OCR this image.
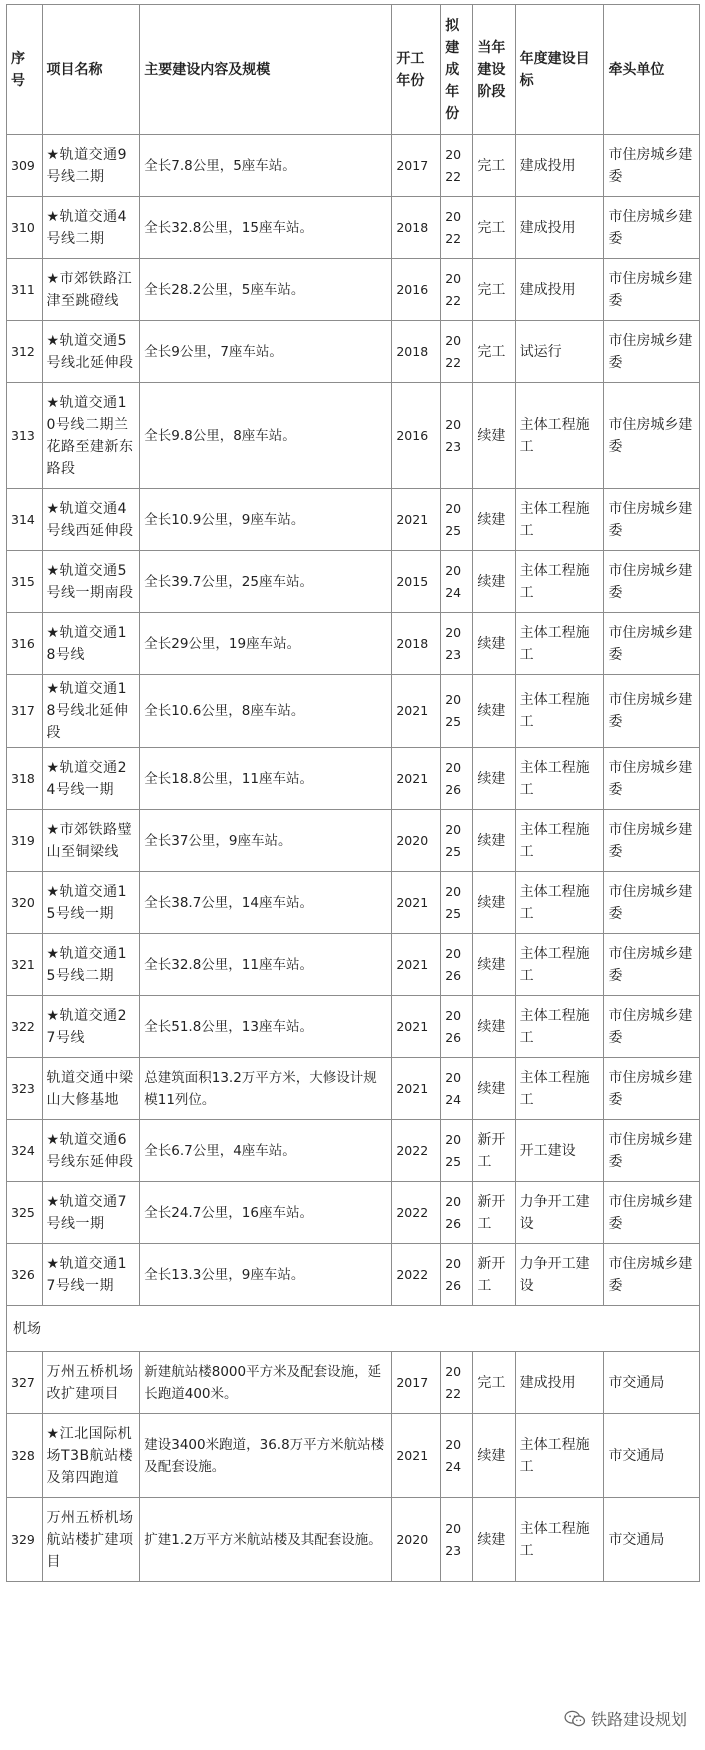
序号	项目名称	主要建设内容及规模	开工年份	拟建成年份	当年建设阶段	年度建设目标	牵头单位
309	★轨道交通9号线二期	全长7.8公里，5座车站。	2017	2022	完工	建成投用	市住房城乡建委
310	★轨道交通4号线二期	全长32.8公里，15座车站。	2018	2022	完工	建成投用	市住房城乡建委
311	★市郊铁路江津至跳磴线	全长28.2公里，5座车站。	2016	2022	完工	建成投用	市住房城乡建委
312	★轨道交通5号线北延伸段	全长9公里，7座车站。	2018	2022	完工	试运行	市住房城乡建委
313	★轨道交通10号线二期兰花路至建新东路段	全长9.8公里，8座车站。	2016	2023	续建	主体工程施工	市住房城乡建委
314	★轨道交通4号线西延伸段	全长10.9公里，9座车站。	2021	2025	续建	主体工程施工	市住房城乡建委
315	★轨道交通5号线一期南段	全长39.7公里，25座车站。	2015	2024	续建	主体工程施工	市住房城乡建委
316	★轨道交通18号线	全长29公里，19座车站。	2018	2023	续建	主体工程施工	市住房城乡建委
317	★轨道交通18号线北延伸段	全长10.6公里，8座车站。	2021	2025	续建	主体工程施工	市住房城乡建委
318	★轨道交通24号线一期	全长18.8公里，11座车站。	2021	2026	续建	主体工程施工	市住房城乡建委
319	★市郊铁路璧山至铜梁线	全长37公里，9座车站。	2020	2025	续建	主体工程施工	市住房城乡建委
320	★轨道交通15号线一期	全长38.7公里，14座车站。	2021	2025	续建	主体工程施工	市住房城乡建委
321	★轨道交通15号线二期	全长32.8公里，11座车站。	2021	2026	续建	主体工程施工	市住房城乡建委
322	★轨道交通27号线	全长51.8公里，13座车站。	2021	2026	续建	主体工程施工	市住房城乡建委
323	轨道交通中梁山大修基地	总建筑面积13.2万平方米，大修设计规模11列位。	2021	2024	续建	主体工程施工	市住房城乡建委
324	★轨道交通6号线东延伸段	全长6.7公里，4座车站。	2022	2025	新开工	开工建设	市住房城乡建委
325	★轨道交通7号线一期	全长24.7公里，16座车站。	2022	2026	新开工	力争开工建设	市住房城乡建委
326	★轨道交通17号线一期	全长13.3公里，9座车站。	2022	2026	新开工	力争开工建设	市住房城乡建委
机场							
327	万州五桥机场改扩建项目	新建航站楼8000平方米及配套设施，延长跑道400米。	2017	2022	完工	建成投用	市交通局
328	★江北国际机场T3B航站楼及第四跑道	建设3400米跑道，36.8万平方米航站楼及配套设施。	2021	2024	续建	主体工程施工	市交通局
329	万州五桥机场航站楼扩建项目	扩建1.2万平方米航站楼及其配套设施。	2020	2023	续建	主体工程施工	市交通局
铁路建设规划
